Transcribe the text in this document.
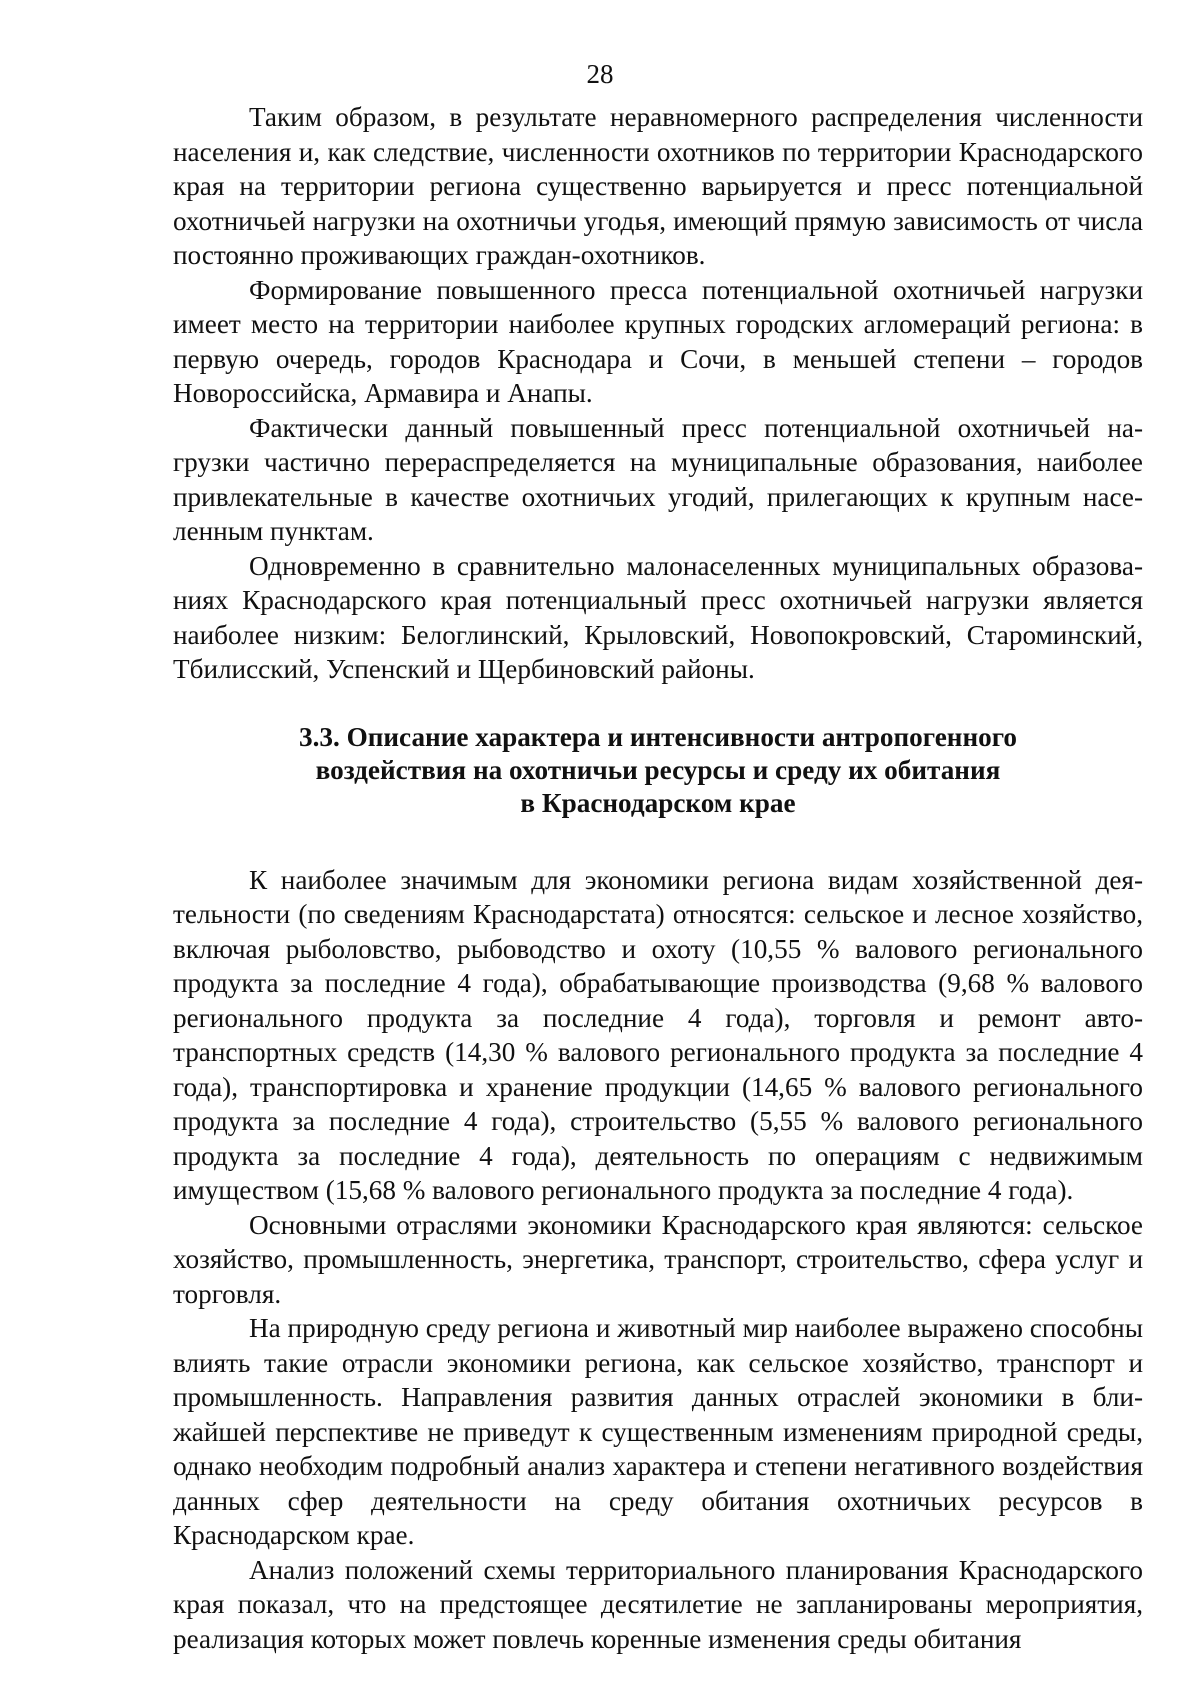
28

Таким образом, в результате неравномерного распределения численности населения и, как следствие, численности охотников по территории Краснодарского края на территории региона существенно варьируется и пресс потенциальной охотничьей нагрузки на охотничьи угодья, имеющий прямую зависимость от числа постоянно проживающих граждан-охотников.

Формирование повышенного пресса потенциальной охотничьей нагрузки имеет место на территории наиболее крупных городских агломераций региона: в первую очередь, городов Краснодара и Сочи, в меньшей степени – городов Новороссийска, Армавира и Анапы.

Фактически данный повышенный пресс потенциальной охотничьей нагрузки частично перераспределяется на муниципальные образования, наиболее привлекательные в качестве охотничьих угодий, прилегающих к крупным населенным пунктам.

Одновременно в сравнительно малонаселенных муниципальных образованиях Краснодарского края потенциальный пресс охотничьей нагрузки является наиболее низким: Белоглинский, Крыловский, Новопокровский, Староминский, Тбилисский, Успенский и Щербиновский районы.

3.3. Описание характера и интенсивности антропогенного
воздействия на охотничьи ресурсы и среду их обитания
в Краснодарском крае

К наиболее значимым для экономики региона видам хозяйственной деятельности (по сведениям Краснодарстата) относятся: сельское и лесное хозяйство, включая рыболовство, рыбоводство и охоту (10,55 % валового регионального продукта за последние 4 года), обрабатывающие производства (9,68 % валового регионального продукта за последние 4 года), торговля и ремонт автотранспортных средств (14,30 % валового регионального продукта за последние 4 года), транспортировка и хранение продукции (14,65 % валового регионального продукта за последние 4 года), строительство (5,55 % валового регионального продукта за последние 4 года), деятельность по операциям с недвижимым имуществом (15,68 % валового регионального продукта за последние 4 года).

Основными отраслями экономики Краснодарского края являются: сельское хозяйство, промышленность, энергетика, транспорт, строительство, сфера услуг и торговля.

На природную среду региона и животный мир наиболее выражено способны влиять такие отрасли экономики региона, как сельское хозяйство, транспорт и промышленность. Направления развития данных отраслей экономики в ближайшей перспективе не приведут к существенным изменениям природной среды, однако необходим подробный анализ характера и степени негативного воздействия данных сфер деятельности на среду обитания охотничьих ресурсов в Краснодарском крае.

Анализ положений схемы территориального планирования Краснодарского края показал, что на предстоящее десятилетие не запланированы мероприятия, реализация которых может повлечь коренные изменения среды обитания
